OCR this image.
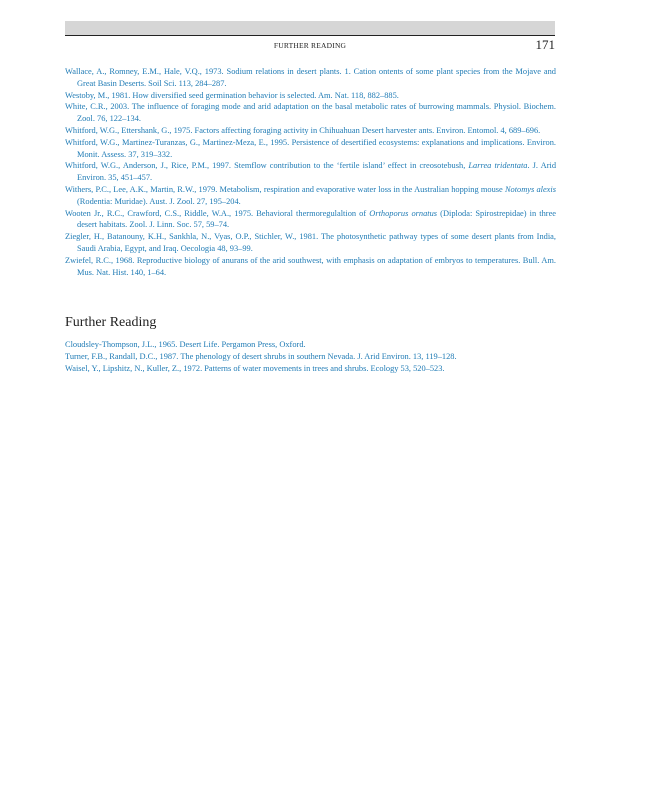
FURTHER READING	171
Wallace, A., Romney, E.M., Hale, V.Q., 1973. Sodium relations in desert plants. 1. Cation ontents of some plant species from the Mojave and Great Basin Deserts. Soil Sci. 113, 284–287.
Westoby, M., 1981. How diversified seed germination behavior is selected. Am. Nat. 118, 882–885.
White, C.R., 2003. The influence of foraging mode and arid adaptation on the basal metabolic rates of burrowing mammals. Physiol. Biochem. Zool. 76, 122–134.
Whitford, W.G., Ettershank, G., 1975. Factors affecting foraging activity in Chihuahuan Desert harvester ants. Environ. Entomol. 4, 689–696.
Whitford, W.G., Martinez-Turanzas, G., Martinez-Meza, E., 1995. Persistence of desertified ecosystems: explanations and implications. Environ. Monit. Assess. 37, 319–332.
Whitford, W.G., Anderson, J., Rice, P.M., 1997. Stemflow contribution to the ‘fertile island’ effect in creosotebush, Larrea tridentata. J. Arid Environ. 35, 451–457.
Withers, P.C., Lee, A.K., Martin, R.W., 1979. Metabolism, respiration and evaporative water loss in the Australian hopping mouse Notomys alexis (Rodentia: Muridae). Aust. J. Zool. 27, 195–204.
Wooten Jr., R.C., Crawford, C.S., Riddle, W.A., 1975. Behavioral thermoregulaltion of Orthoporus ornatus (Diploda: Spirostrepidae) in three desert habitats. Zool. J. Linn. Soc. 57, 59–74.
Ziegler, H., Batanouny, K.H., Sankhla, N., Vyas, O.P., Stichler, W., 1981. The photosynthetic pathway types of some desert plants from India, Saudi Arabia, Egypt, and Iraq. Oecologia 48, 93–99.
Zwiefel, R.C., 1968. Reproductive biology of anurans of the arid southwest, with emphasis on adaptation of embryos to temperatures. Bull. Am. Mus. Nat. Hist. 140, 1–64.
Further Reading
Cloudsley-Thompson, J.L., 1965. Desert Life. Pergamon Press, Oxford.
Turner, F.B., Randall, D.C., 1987. The phenology of desert shrubs in southern Nevada. J. Arid Environ. 13, 119–128.
Waisel, Y., Lipshitz, N., Kuller, Z., 1972. Patterns of water movements in trees and shrubs. Ecology 53, 520–523.
